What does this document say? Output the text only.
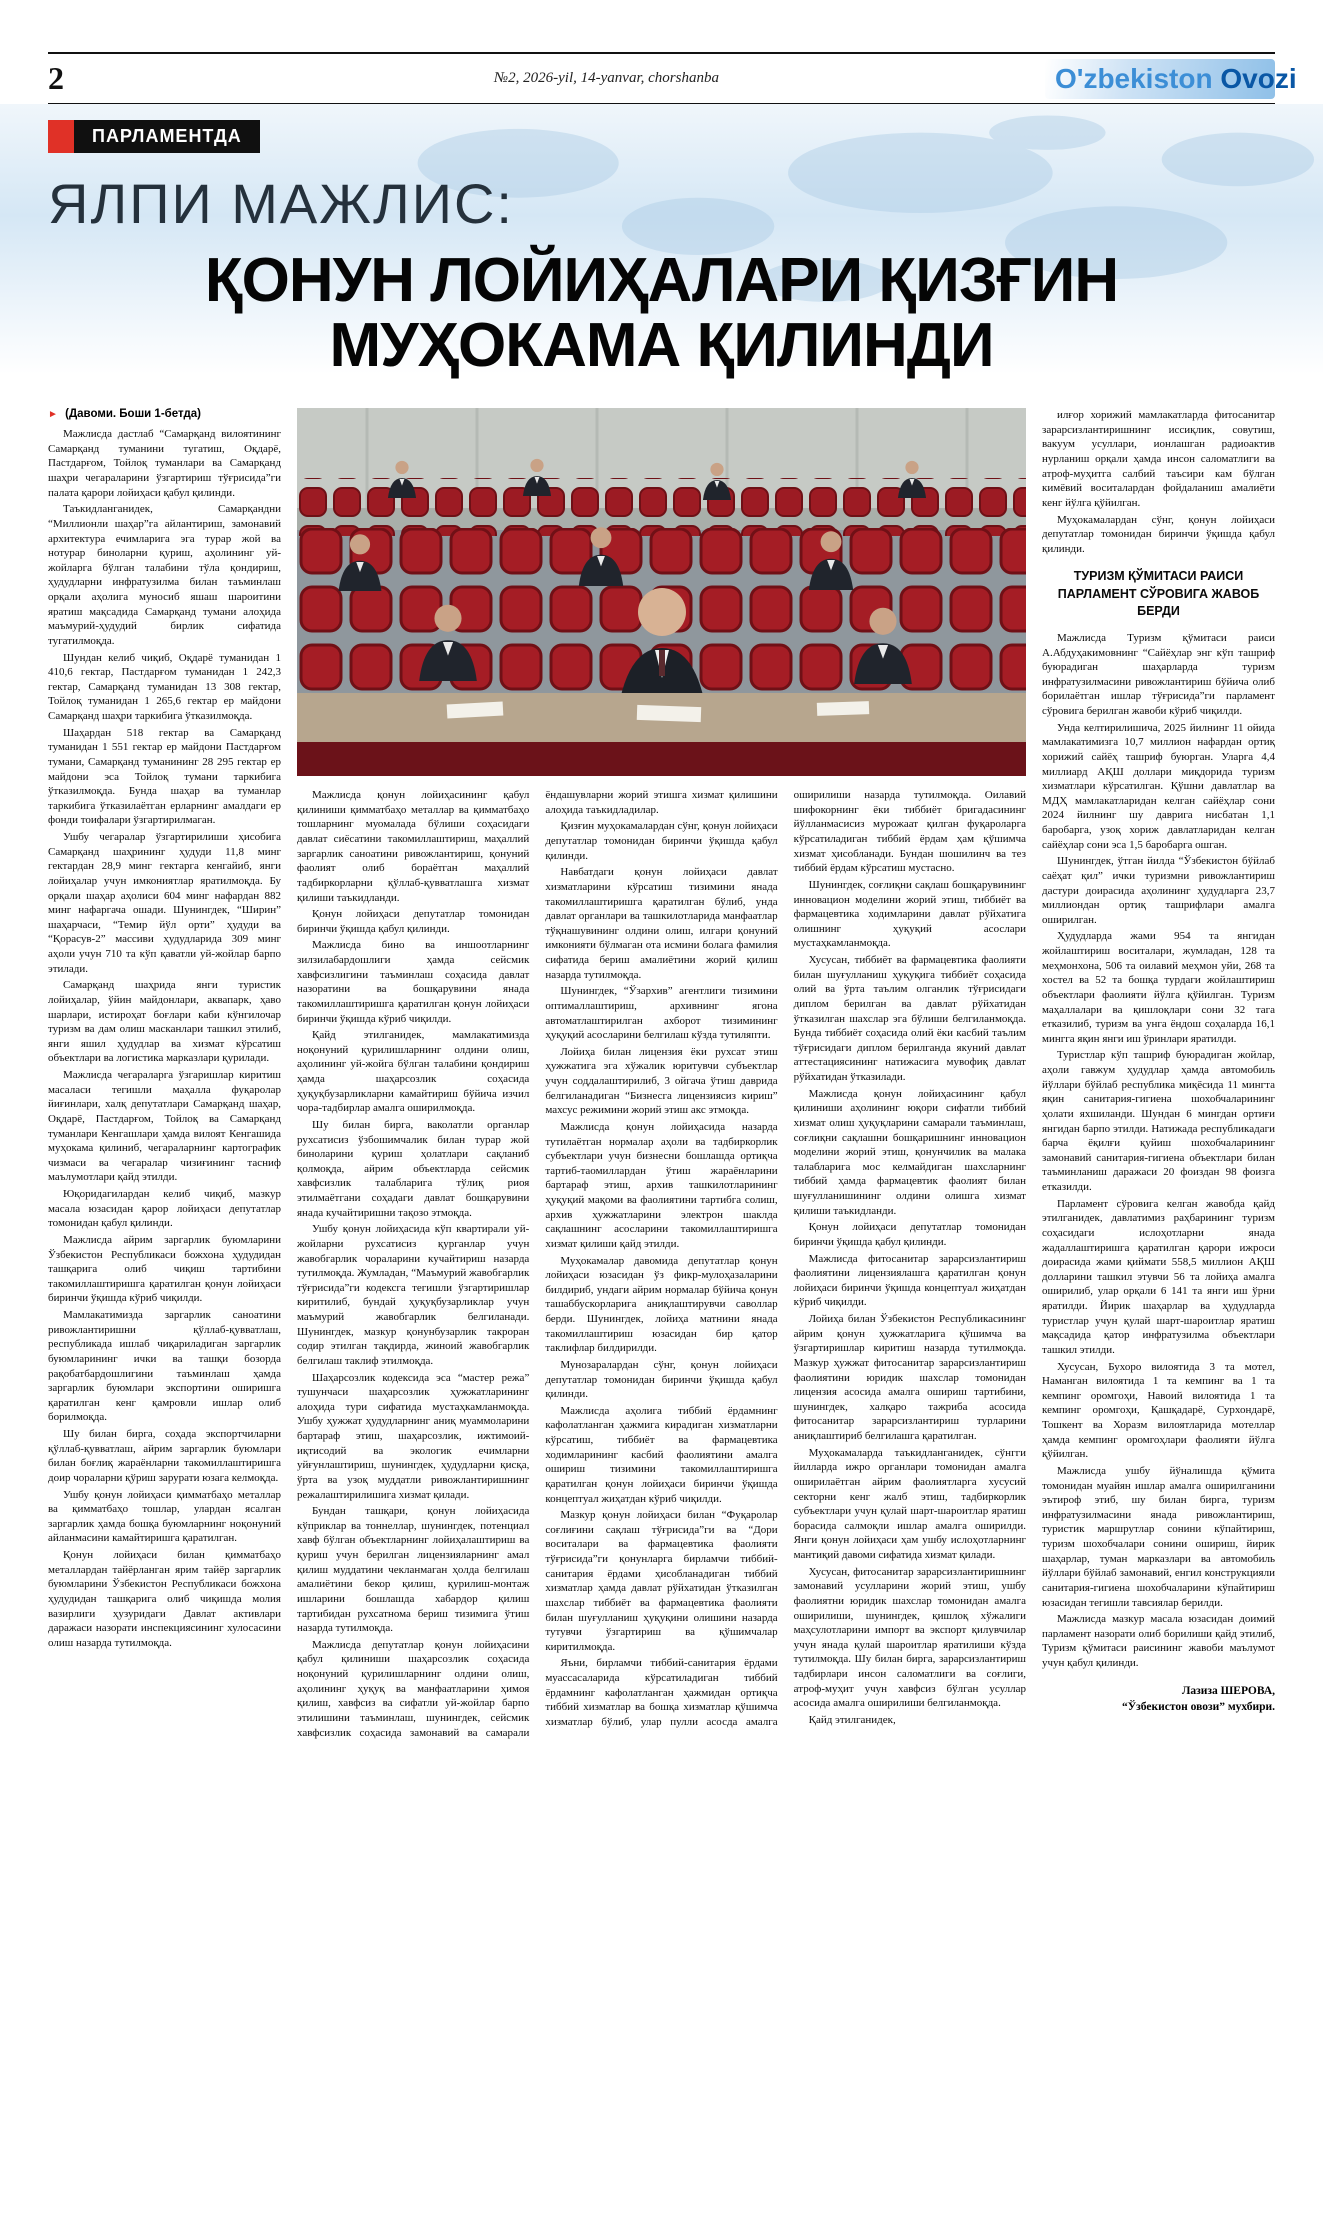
2	№2, 2026-yil, 14-yanvar, chorshanba	O'zbekiston Ovozi
ПАРЛАМЕНТДА
ЯЛПИ МАЖЛИС:
ҚОНУН ЛОЙИҲАЛАРИ ҚИЗҒИН
МУҲОКАМА ҚИЛИНДИ
► (Давоми. Боши 1-бетда)

Мажлисда дастлаб “Самарқанд вилоятининг Самарқанд туманини тугатиш, Оқдарё, Пастдарғом, Тойлоқ туманлари ва Самарқанд шаҳри чегараларини ўзгартириш тўғрисида”ги палата қарори лойиҳаси қабул қилинди.

Таъкидланганидек, Самарқандни “Миллионли шаҳар”га айлантириш, замонавий архитектура ечимларига эга турар жой ва нотурар биноларни қуриш, аҳолининг уй-жойларга бўлган талабини тўла қондириш, ҳудудларни инфратузилма билан таъминлаш орқали аҳолига муносиб яшаш шароитини яратиш мақсадида Самарқанд тумани алоҳида маъмурий-ҳудудий бирлик сифатида тугатилмоқда.

Шундан келиб чиқиб, Оқдарё туманидан 1 410,6 гектар, Пастдарғом туманидан 1 242,3 гектар, Самарқанд туманидан 13 308 гектар, Тойлоқ туманидан 1 265,6 гектар ер майдони Самарқанд шаҳри таркибига ўтказилмоқда.

Шаҳардан 518 гектар ва Самарқанд туманидан 1 551 гектар ер майдони Пастдарғом тумани, Самарқанд туманининг 28 295 гектар ер майдони эса Тойлоқ тумани таркибига ўтказилмоқда. Бунда шаҳар ва туманлар таркибига ўтказилаётган ерларнинг амалдаги ер фонди тоифалари ўзгартирилмаган.

Ушбу чегаралар ўзгартирилиши ҳисобига Самарқанд шаҳрининг ҳудуди 11,8 минг гектардан 28,9 минг гектарга кенгайиб, янги лойиҳалар учун имкониятлар яратилмоқда. Бу орқали шаҳар аҳолиси 604 минг нафардан 882 минг нафаргача ошади. Шунингдек, “Ширин” шаҳарчаси, “Темир йўл орти” ҳудуди ва “Қорасув-2” массиви ҳудудларида 309 минг аҳоли учун 710 та кўп қаватли уй-жойлар барпо этилади.

Самарқанд шаҳрида янги туристик лойиҳалар, ўйин майдонлари, аквапарк, ҳаво шарлари, истироҳат боғлари каби кўнгилочар туризм ва дам олиш масканлари ташкил этилиб, янги яшил ҳудудлар ва хизмат кўрсатиш объектлари ва логистика марказлари қурилади.

Мажлисда чегараларга ўзгаришлар киритиш масаласи тегишли маҳалла фуқаролар йиғинлари, халқ депутатлари Самарқанд шаҳар, Оқдарё, Пастдарғом, Тойлоқ ва Самарқанд туманлари Кенгашлари ҳамда вилоят Кенгашида муҳокама қилиниб, чегараларнинг картографик чизмаси ва чегаралар чизиғининг тасниф маълумотлари қайд этилди.

Юқоридагилардан келиб чиқиб, мазкур масала юзасидан қарор лойиҳаси депутатлар томонидан қабул қилинди.

Мажлисда айрим заргарлик буюмларини Ўзбекистон Республикаси божхона ҳудудидан ташқарига олиб чиқиш тартибини такомиллаштиришга қаратилган қонун лойиҳаси биринчи ўқишда кўриб чиқилди.

Мамлакатимизда заргарлик саноатини ривожлантиришни қўллаб-қувватлаш, республикада ишлаб чиқариладиган заргарлик буюмларининг ички ва ташқи бозорда рақобатбардошлигини таъминлаш ҳамда заргарлик буюмлари экспортини оширишга қаратилган кенг қамровли ишлар олиб борилмоқда.

Шу билан бирга, соҳада экспортчиларни қўллаб-қувватлаш, айрим заргарлик буюмлари билан боғлиқ жараёнларни такомиллаштиришга доир чораларни қўриш зарурати юзага келмоқда.

Ушбу қонун лойиҳаси қимматбаҳо металлар ва қимматбаҳо тошлар, улардан ясалган заргарлик ҳамда бошқа буюмларнинг ноқонуний айланмасини камайтиришга қаратилган.

Қонун лойиҳаси билан қимматбаҳо металлардан тайёрланган ярим тайёр заргарлик буюмларини Ўзбекистон Республикаси божхона ҳудудидан ташқарига олиб чиқишда молия вазирлиги ҳузуридаги Давлат активлари даражаси назорати инспекциясининг хулосасини олиш назарда тутилмоқда.

Мажлисда қонун лойиҳасининг қабул қилиниши қимматбаҳо металлар ва қимматбаҳо тошларнинг муомалада бўлиши соҳасидаги давлат сиёсатини такомиллаштириш, маҳаллий заргарлик саноатини ривожлантириш, қонуний фаолият олиб бораётган маҳаллий тадбиркорларни қўллаб-қувватлашга хизмат қилиши таъкидланди.

Қонун лойиҳаси депутатлар томонидан биринчи ўқишда қабул қилинди.

Мажлисда бино ва иншоотларнинг зилзилабардошлиги ҳамда сейсмик хавфсизлигини таъминлаш соҳасида давлат назоратини ва бошқарувини янада такомиллаштиришга қаратилган қонун лойиҳаси биринчи ўқишда кўриб чиқилди.

Қайд этилганидек, мамлакатимизда ноқонуний қурилишларнинг олдини олиш, аҳолининг уй-жойга бўлган талабини қондириш ҳамда шаҳарсозлик соҳасида ҳуқуқбузарликларни камайтириш бўйича изчил чора-тадбирлар амалга оширилмоқда.

Шу билан бирга, ваколатли органлар рухсатисиз ўзбошимчалик билан турар жой биноларини қуриш ҳолатлари сақланиб қолмоқда, айрим объектларда сейсмик хавфсизлик талабларига тўлиқ риоя этилмаётгани соҳадаги давлат бошқарувини янада кучайтиришни тақозо этмоқда.

Ушбу қонун лойиҳасида кўп квартирали уй-жойларни рухсатисиз қурганлар учун жавобгарлик чораларини кучайтириш назарда тутилмоқда. Жумладан, “Маъмурий жавобгарлик тўғрисида”ги кодексга тегишли ўзгартиришлар киритилиб, бундай ҳуқуқбузарликлар учун маъмурий жавобгарлик белгиланади. Шунингдек, мазкур қонунбузарлик такроран содир этилган тақдирда, жиноий жавобгарлик белгилаш таклиф этилмоқда.

Шаҳарсозлик кодексида эса “мастер режа” тушунчаси шаҳарсозлик ҳужжатларининг алоҳида тури сифатида мустаҳкамланмоқда. Ушбу ҳужжат ҳудудларнинг аниқ муаммоларини бартараф этиш, шаҳарсозлик, ижтимоий-иқтисодий ва экологик ечимларни уйғунлаштириш, шунингдек, ҳудудларни қисқа, ўрта ва узоқ муддатли ривожлантиришнинг режалаштирилишига хизмат қилади.

Бундан ташқари, қонун лойиҳасида кўприклар ва тоннеллар, шунингдек, потенциал хавф бўлган объектларнинг лойиҳалаштириш ва қуриш учун берилган лицензияларнинг амал қилиш муддатини чекланмаган ҳолда белгилаш амалиётини бекор қилиш, қурилиш-монтаж ишларини бошлашда хабардор қилиш тартибидан рухсатнома бериш тизимига ўтиш назарда тутилмоқда.

Мажлисда депутатлар қонун лойиҳасини қабул қилиниши шаҳарсозлик соҳасида ноқонуний қурилишларнинг олдини олиш, аҳолининг ҳуқуқ ва манфаатларини ҳимоя қилиш, хавфсиз ва сифатли уй-жойлар барпо этилишини таъминлаш, шунингдек, сейсмик хавфсизлик соҳасида замонавий ва самарали ёндашувларни жорий этишга хизмат қилишини алоҳида таъкидладилар.

Қизғин муҳокамалардан сўнг, қонун лойиҳаси депутатлар томонидан биринчи ўқишда қабул қилинди.

Навбатдаги қонун лойиҳаси давлат хизматларини кўрсатиш тизимини янада такомиллаштиришга қаратилган бўлиб, унда давлат органлари ва ташкилотларида манфаатлар тўқнашувининг олдини олиш, илгари қонуний имконияти бўлмаган ота исмини болага фамилия сифатида бериш амалиётини жорий қилиш назарда тутилмоқда.

Шунингдек, “Ўзархив” агентлиги тизимини оптималлаштириш, архивнинг ягона автоматлаштирилган ахборот тизимининг ҳуқуқий асосларини белгилаш кўзда тутиляпти.

Лойиҳа билан лицензия ёки рухсат этиш ҳужжатига эга хўжалик юритувчи субъектлар учун соддалаштирилиб, 3 ойгача ўтиш даврида белгиланадиган “Бизнесга лицензиясиз кириш” махсус режимини жорий этиш акс этмоқда.

Мажлисда қонун лойиҳасида назарда тутилаётган нормалар аҳоли ва тадбиркорлик субъектлари учун бизнесни бошлашда ортиқча тартиб-таомиллардан ўтиш жараёнларини бартараф этиш, архив ташкилотларининг ҳуқуқий мақоми ва фаолиятини тартибга солиш, архив ҳужжатларини электрон шаклда сақлашнинг асосларини такомиллаштиришга хизмат қилиши қайд этилди.

Муҳокамалар давомида депутатлар қонун лойиҳаси юзасидан ўз фикр-мулоҳазаларини билдириб, ундаги айрим нормалар бўйича қонун ташаббускорларига аниқлаштирувчи саволлар берди. Шунингдек, лойиҳа матнини янада такомиллаштириш юзасидан бир қатор таклифлар билдирилди.

Мунозаралардан сўнг, қонун лойиҳаси депутатлар томонидан биринчи ўқишда қабул қилинди.

Мажлисда аҳолига тиббий ёрдамнинг кафолатланган ҳажмига кирадиган хизматларни кўрсатиш, тиббиёт ва фармацевтика ходимларининг касбий фаолиятини амалга ошириш тизимини такомиллаштиришга қаратилган қонун лойиҳаси биринчи ўқишда концептуал жиҳатдан кўриб чиқилди.

Мазкур қонун лойиҳаси билан “Фуқаролар соғлиғини сақлаш тўғрисида”ги ва “Дори воситалари ва фармацевтика фаолияти тўғрисида”ги қонунларга бирламчи тиббий-санитария ёрдами ҳисобланадиган тиббий хизматлар ҳамда давлат рўйхатидан ўтказилган шахслар тиббиёт ва фармацевтика фаолияти билан шуғулланиш ҳуқуқини олишини назарда тутувчи ўзгартириш ва қўшимчалар киритилмоқда.

Яъни, бирламчи тиббий-санитария ёрдами муассасаларида кўрсатиладиган тиббий ёрдамнинг кафолатланган ҳажмидан ортиқча тиббий хизматлар ва бошқа хизматлар қўшимча хизматлар бўлиб, улар пулли асосда амалга оширилиши назарда тутилмоқда. Оилавий шифокорнинг ёки тиббиёт бригадасининг йўлланмасисиз мурожаат қилган фуқароларга кўрсатиладиган тиббий ёрдам ҳам қўшимча хизмат ҳисобланади. Бундан шошилинч ва тез тиббий ёрдам кўрсатиш мустасно.

Шунингдек, соғлиқни сақлаш бошқарувининг инновацион моделини жорий этиш, тиббиёт ва фармацевтика ходимларини давлат рўйхатига олишнинг ҳуқуқий асослари мустаҳкамланмоқда.

Хусусан, тиббиёт ва фармацевтика фаолияти билан шуғулланиш ҳуқуқига тиббиёт соҳасида олий ва ўрта таълим олганлик тўғрисидаги диплом берилган ва давлат рўйхатидан ўтказилган шахслар эга бўлиши белгиланмоқда. Бунда тиббиёт соҳасида олий ёки касбий таълим тўғрисидаги диплом берилганда якуний давлат аттестациясининг натижасига мувофиқ давлат рўйхатидан ўтказилади.

Мажлисда қонун лойиҳасининг қабул қилиниши аҳолининг юқори сифатли тиббий хизмат олиш ҳуқуқларини самарали таъминлаш, соғлиқни сақлашни бошқаришнинг инновацион моделини жорий этиш, қонунчилик ва малака талабларига мос келмайдиган шахсларнинг тиббий ҳамда фармацевтик фаолият билан шуғулланишининг олдини олишга хизмат қилиши таъкидланди.

Қонун лойиҳаси депутатлар томонидан биринчи ўқишда қабул қилинди.

Мажлисда фитосанитар зарарсизлантириш фаолиятини лицензиялашга қаратилган қонун лойиҳаси биринчи ўқишда концептуал жиҳатдан кўриб чиқилди.

Лойиҳа билан Ўзбекистон Республикасининг айрим қонун ҳужжатларига қўшимча ва ўзгартиришлар киритиш назарда тутилмоқда. Мазкур ҳужжат фитосанитар зарарсизлантириш фаолиятини юридик шахслар томонидан лицензия асосида амалга ошириш тартибини, шунингдек, халқаро тажриба асосида фитосанитар зарарсизлантириш турларини аниқлаштириб белгилашга қаратилган.

Муҳокамаларда таъкидланганидек, сўнгги йилларда ижро органлари томонидан амалга оширилаётган айрим фаолиятларга хусусий секторни кенг жалб этиш, тадбиркорлик субъектлари учун қулай шарт-шароитлар яратиш борасида салмоқли ишлар амалга оширилди. Янги қонун лойиҳаси ҳам ушбу ислоҳотларнинг мантиқий давоми сифатида хизмат қилади.

Хусусан, фитосанитар зарарсизлантиришнинг замонавий усулларини жорий этиш, ушбу фаолиятни юридик шахслар томонидан амалга оширилиши, шунингдек, қишлоқ хўжалиги маҳсулотларини импорт ва экспорт қилувчилар учун янада қулай шароитлар яратилиши кўзда тутилмоқда. Шу билан бирга, зарарсизлантириш тадбирлари инсон саломатлиги ва соғлиги, атроф-муҳит учун хавфсиз бўлган усуллар асосида амалга оширилиши белгиланмоқда.

Қайд этилганидек,

илғор хорижий мамлакатларда фитосанитар зарарсизлантиришнинг иссиқлик, совутиш, вакуум усуллари, ионлашган радиоактив нурланиш орқали ҳамда инсон саломатлиги ва атроф-муҳитга салбий таъсири кам бўлган кимёвий воситалардан фойдаланиш амалиёти кенг йўлга қўйилган.

Муҳокамалардан сўнг, қонун лойиҳаси депутатлар томонидан биринчи ўқишда қабул қилинди.

ТУРИЗМ ҚЎМИТАСИ РАИСИ ПАРЛАМЕНТ СЎРОВИГА ЖАВОБ БЕРДИ

Мажлисда Туризм қўмитаси раиси А.Абдуҳакимовнинг “Сайёҳлар энг кўп ташриф буюрадиган шаҳарларда туризм инфратузилмасини ривожлантириш бўйича олиб борилаётган ишлар тўғрисида”ги парламент сўровига берилган жавоби кўриб чиқилди.

Унда келтирилишича, 2025 йилнинг 11 ойида мамлакатимизга 10,7 миллион нафардан ортиқ хорижий сайёҳ ташриф буюрган. Уларга 4,4 миллиард АҚШ доллари миқдорида туризм хизматлари кўрсатилган. Қўшни давлатлар ва МДҲ мамлакатларидан келган сайёҳлар сони 2024 йилнинг шу даврига нисбатан 1,1 баробарга, узоқ хориж давлатларидан келган сайёҳлар сони эса 1,5 баробарга ошган.

Шунингдек, ўтган йилда “Ўзбекистон бўйлаб саёҳат қил” ички туризмни ривожлантириш дастури доирасида аҳолининг ҳудудларга 23,7 миллиондан ортиқ ташрифлари амалга оширилган.

Ҳудудларда жами 954 та янгидан жойлаштириш воситалари, жумладан, 128 та меҳмонхона, 506 та оилавий меҳмон уйи, 268 та хостел ва 52 та бошқа турдаги жойлаштириш объектлари фаолияти йўлга қўйилган. Туризм маҳаллалари ва қишлоқлари сони 32 тага етказилиб, туризм ва унга ёндош соҳаларда 16,1 мингга яқин янги иш ўринлари яратилди.

Туристлар кўп ташриф буюрадиган жойлар, аҳоли гавжум ҳудудлар ҳамда автомобиль йўллари бўйлаб республика миқёсида 11 мингта яқин санитария-гигиена шохобчаларининг ҳолати яхшиланди. Шундан 6 мингдан ортиғи янгидан барпо этилди. Натижада республикадаги барча ёқилғи қуйиш шохобчаларининг замонавий санитария-гигиена объектлари билан таъминланиш даражаси 20 фоиздан 98 фоизга етказилди.

Парламент сўровига келган жавобда қайд этилганидек, давлатимиз раҳбарининг туризм соҳасидаги ислоҳотларни янада жадаллаштиришга қаратилган қарори ижроси доирасида жами қиймати 558,5 миллион АҚШ долларини ташкил этувчи 56 та лойиҳа амалга оширилиб, улар орқали 6 141 та янги иш ўрни яратилди. Йирик шаҳарлар ва ҳудудларда туристлар учун қулай шарт-шароитлар яратиш мақсадида қатор инфратузилма объектлари ташкил этилди.

Хусусан, Бухоро вилоятида 3 та мотел, Наманган вилоятида 1 та кемпинг ва 1 та кемпинг оромгоҳи, Навоий вилоятида 1 та кемпинг оромгоҳи, Қашқадарё, Сурхондарё, Тошкент ва Хоразм вилоятларида мотеллар ҳамда кемпинг оромгоҳлари фаолияти йўлга қўйилган.

Мажлисда ушбу йўналишда қўмита томонидан муайян ишлар амалга оширилганини эътироф этиб, шу билан бирга, туризм инфратузилмасини янада ривожлантириш, туристик маршрутлар сонини кўпайтириш, туризм шохобчалари сонини ошириш, йирик шаҳарлар, туман марказлари ва автомобиль йўллари бўйлаб замонавий, енгил конструкцияли санитария-гигиена шохобчаларини кўпайтириш юзасидан тегишли тавсиялар берилди.

Мажлисда мазкур масала юзасидан доимий парламент назорати олиб борилиши қайд этилиб, Туризм қўмитаси раисининг жавоби маълумот учун қабул қилинди.

Лазиза ШЕРОВА,
“Ўзбекистон овози” мухбири.
